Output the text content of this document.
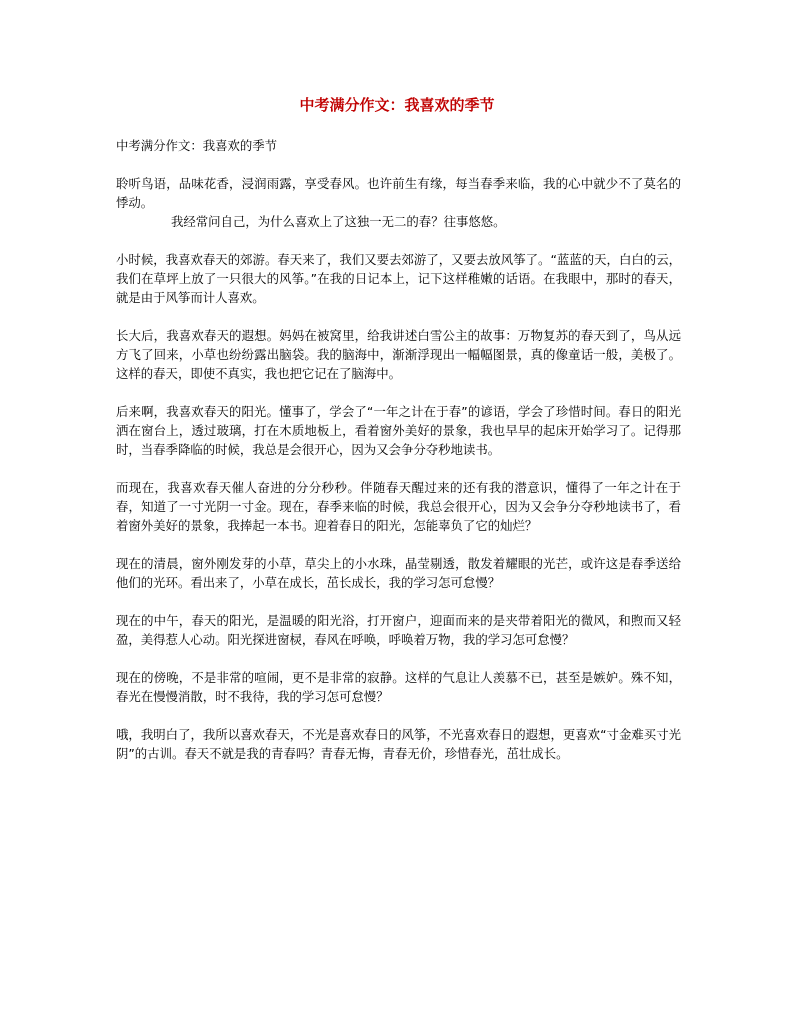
中考满分作文：我喜欢的季节

中考满分作文：我喜欢的季节

聆听鸟语，品味花香，浸润雨露，享受春风。也许前生有缘，每当春季来临，我的心中就少不了莫名的悸动。

我经常问自己，为什么喜欢上了这独一无二的春？往事悠悠。

小时候，我喜欢春天的郊游。春天来了，我们又要去郊游了，又要去放风筝了。“蓝蓝的天，白白的云，我们在草坪上放了一只很大的风筝。”在我的日记本上，记下这样稚嫩的话语。在我眼中，那时的春天，就是由于风筝而计人喜欢。

长大后，我喜欢春天的遐想。妈妈在被窝里，给我讲述白雪公主的故事：万物复苏的春天到了，鸟从远方飞了回来，小草也纷纷露出脑袋。我的脑海中，渐渐浮现出一幅幅图景，真的像童话一般，美极了。这样的春天，即使不真实，我也把它记在了脑海中。

后来啊，我喜欢春天的阳光。懂事了，学会了“一年之计在于春”的谚语，学会了珍惜时间。春日的阳光洒在窗台上，透过玻璃，打在木质地板上，看着窗外美好的景象，我也早早的起床开始学习了。记得那时，当春季降临的时候，我总是会很开心，因为又会争分夺秒地读书。

而现在，我喜欢春天催人奋进的分分秒秒。伴随春天醒过来的还有我的潜意识，懂得了一年之计在于春，知道了一寸光阴一寸金。现在，春季来临的时候，我总会很开心，因为又会争分夺秒地读书了，看着窗外美好的景象，我捧起一本书。迎着春日的阳光，怎能辜负了它的灿烂？

现在的清晨，窗外刚发芽的小草，草尖上的小水珠，晶莹剔透，散发着耀眼的光芒，或许这是春季送给他们的光环。看出来了，小草在成长，茁长成长，我的学习怎可怠慢？

现在的中午，春天的阳光，是温暖的阳光浴，打开窗户，迎面而来的是夹带着阳光的微风，和煦而又轻盈，美得惹人心动。阳光探进窗棂，春风在呼唤，呼唤着万物，我的学习怎可怠慢？

现在的傍晚，不是非常的喧闹，更不是非常的寂静。这样的气息让人羡慕不已，甚至是嫉妒。殊不知，春光在慢慢消散，时不我待，我的学习怎可怠慢？

哦，我明白了，我所以喜欢春天，不光是喜欢春日的风筝，不光喜欢春日的遐想，更喜欢“寸金难买寸光阴”的古训。春天不就是我的青春吗？青春无悔，青春无价，珍惜春光，茁壮成长。
